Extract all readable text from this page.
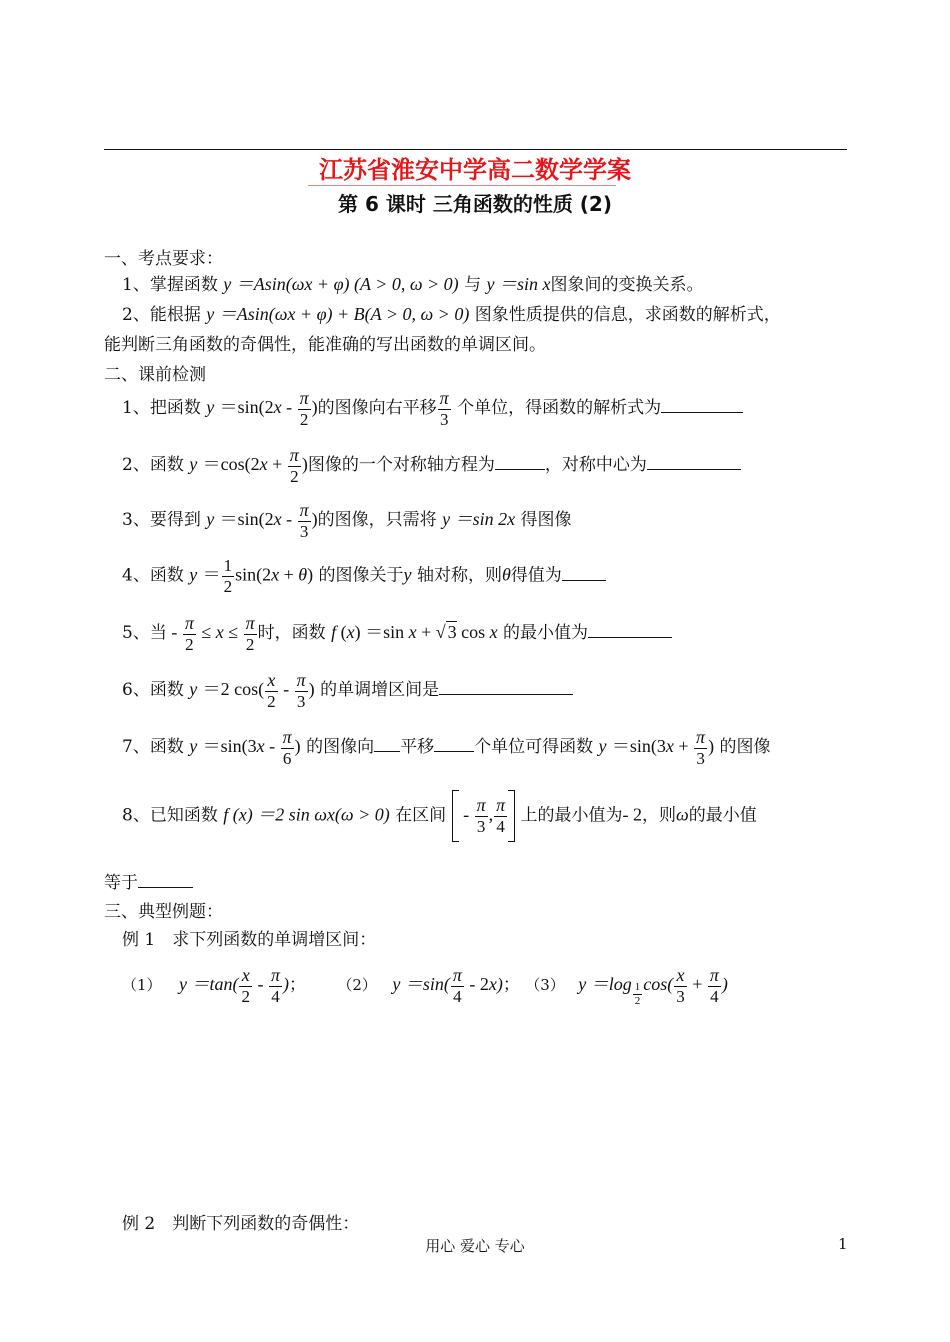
江苏省淮安中学高二数学学案
第 6 课时 三角函数的性质 (2)
一、考点要求：
1、掌握函数 y ＝Asin(ωx + φ) (A > 0, ω > 0) 与 y ＝sin x图象间的变换关系。
2、能根据 y ＝Asin(ωx + φ) + B(A > 0, ω > 0) 图象性质提供的信息，求函数的解析式，
能判断三角函数的奇偶性，能准确的写出函数的单调区间。
二、课前检测
1、把函数 $y =\sin(2x - \frac{\pi}{2}$ )的图像向右平移 $\frac{\pi}{3}$ 个单位，得函数的解析式为
2、函数 $y =\cos(2x + \frac{\pi}{2}$ )图像的一个对称轴方程为	，对称中心为
3、要得到 $y =\sin(2x - \frac{\pi}{3}$ )的图像，只需将 y ＝sin 2x 得图像
4、函数 $y = \frac{1}{2} \sin(2x + \theta)$ 的图像关于y 轴对称，则θ得值为
5、当 - $\frac{\pi}{2} \le x \le \frac{\pi}{2}$ 时，函数 f (x) ＝sin x + √ 3 cos x 的最小值为
6、函数 y ＝2 $\cos( \frac{x}{2} - \frac{\pi}{3}$ ) 的单调增区间是
7、函数 $y =\sin(3x - \frac{\pi}{6}$ ) 的图像向 平移 个单位可得函数 $y =\sin(3x + \frac{\pi}{3}$ ) 的图像
8、已知函数 f (x) ＝2 sin ωx(ω > 0) 在区间  - $\frac{\pi}{3}$ , $\frac{\pi}{4}$ 上的最小值为- 2，则ω的最小值
等于
三、典型例题：
例 1　求下列函数的单调增区间：
（1） $y =\tan( \frac{x}{2} - \frac{\pi}{4}$ )； （2） $y =\sin( \frac{\pi}{4} - 2x)$； （3） $y =\log \frac{1}{2} \cos( \frac{x}{3} + \frac{\pi}{4}$ )
例 2　判断下列函数的奇偶性：
用心 爱心 专心	1
